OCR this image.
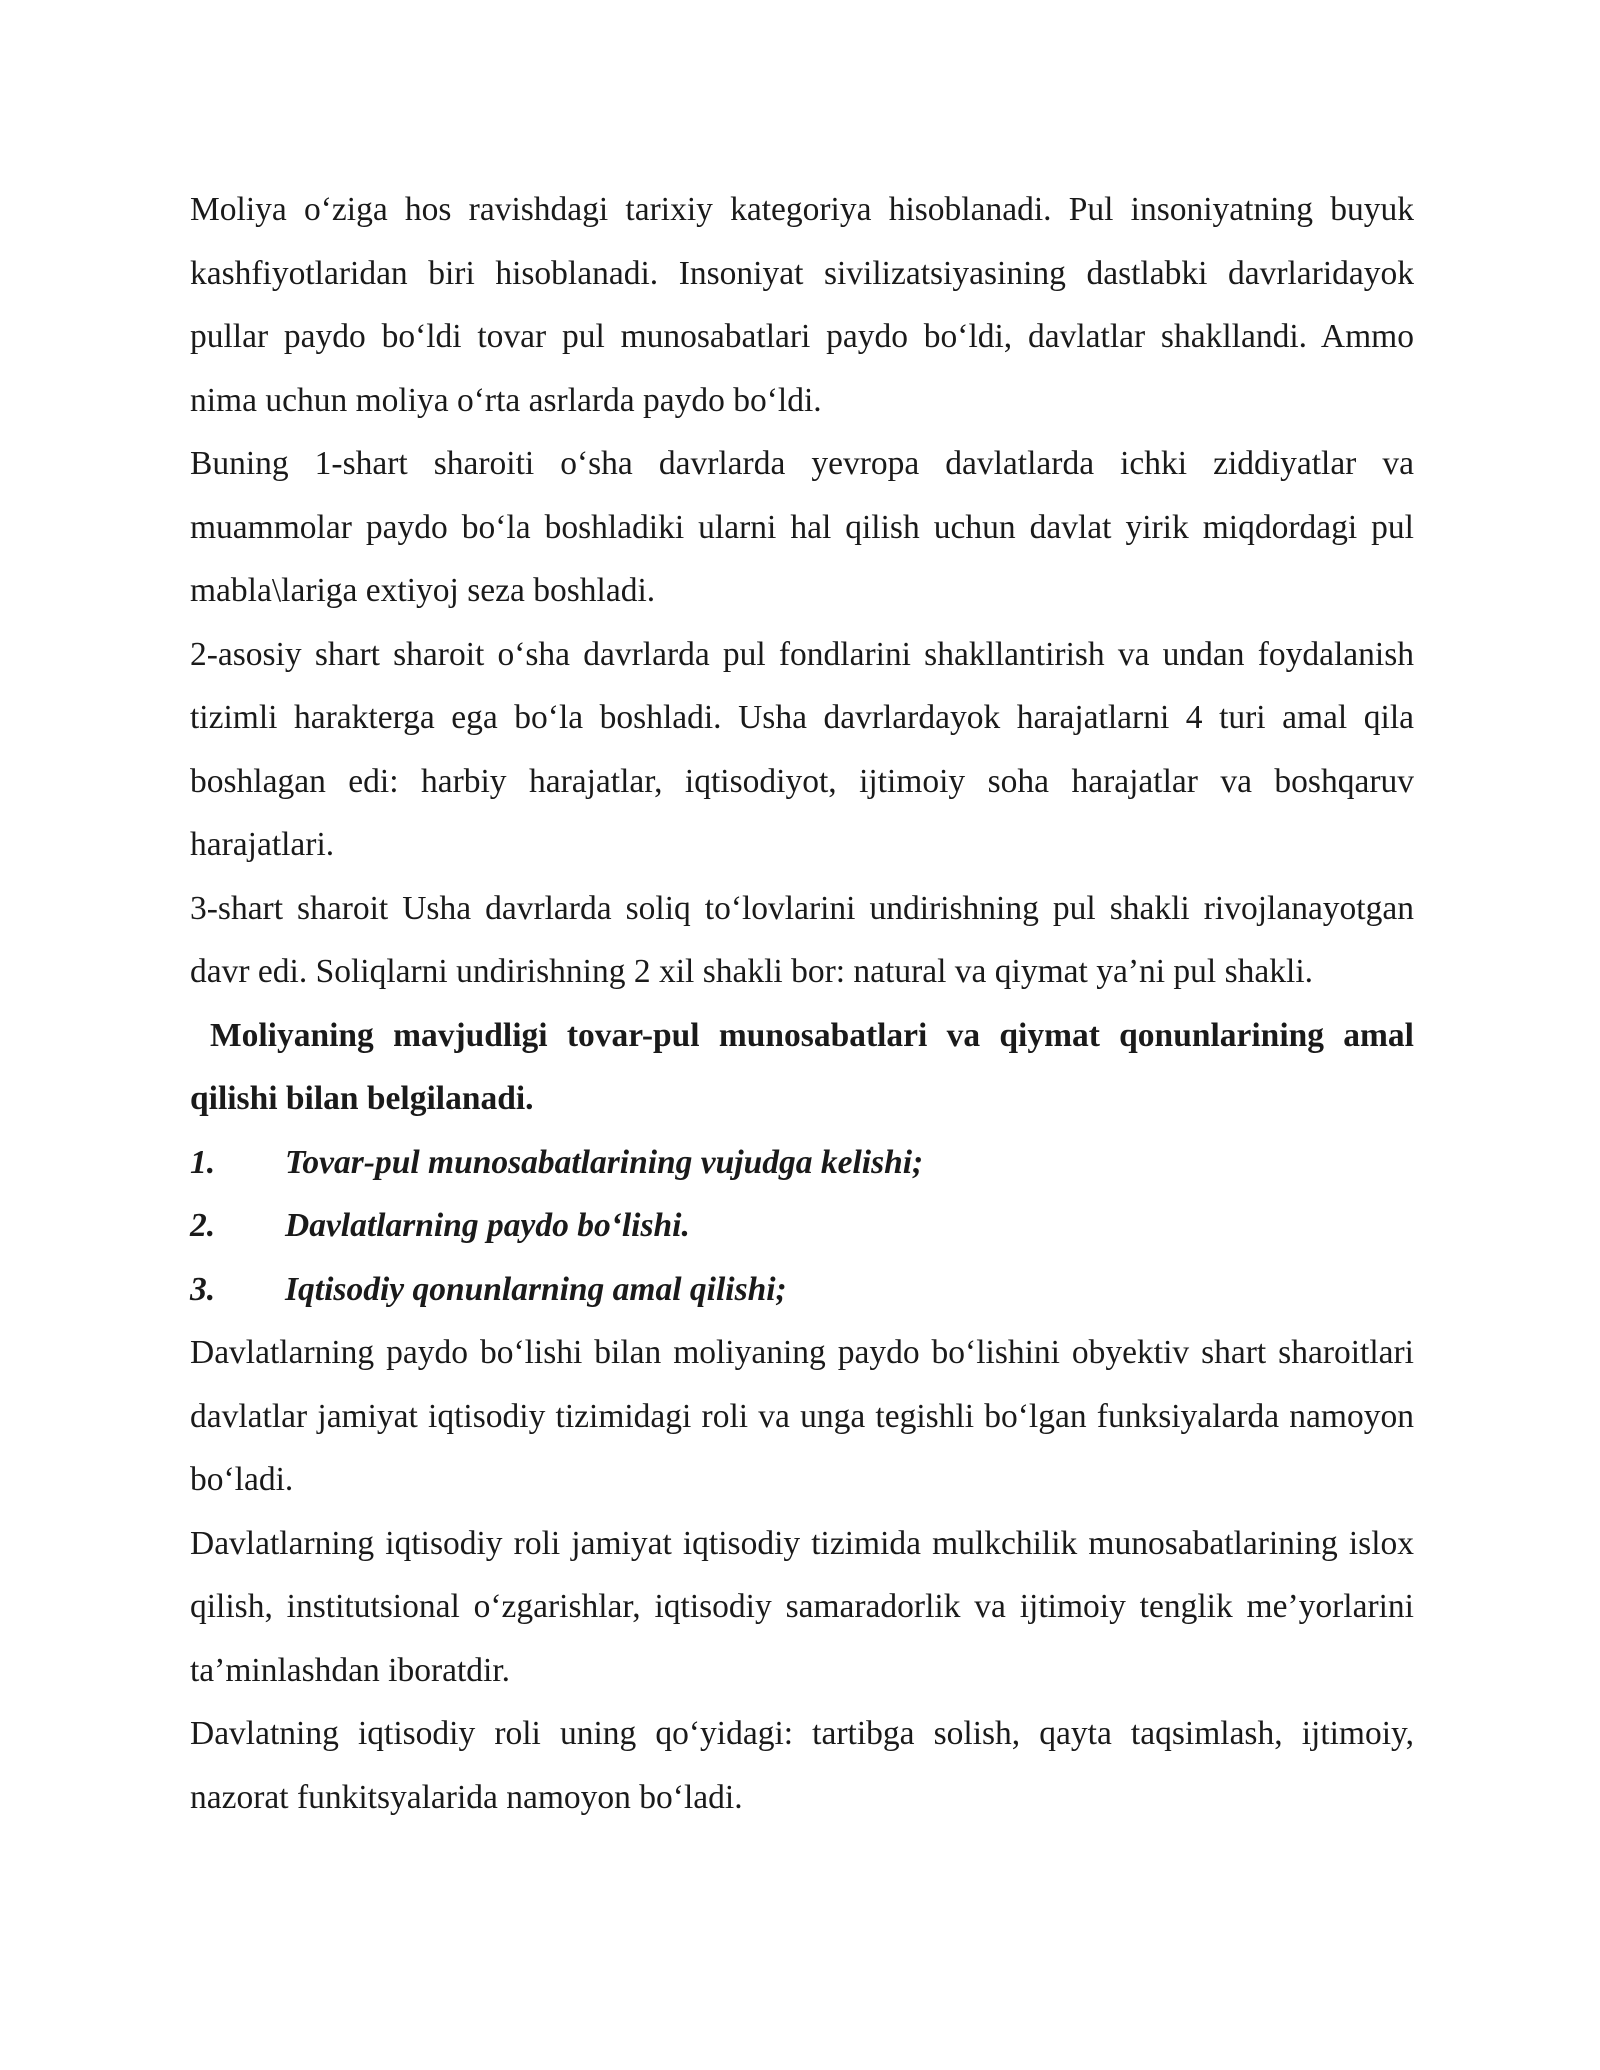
Moliya o‘ziga hos ravishdagi tarixiy kategoriya hisoblanadi. Pul insoniyatning buyuk kashfiyotlaridan biri hisoblanadi. Insoniyat sivilizatsiyasining dastlabki davrlaridayok pullar paydo bo‘ldi tovar pul munosabatlari paydo bo‘ldi, davlatlar shakllandi. Ammo nima uchun moliya o‘rta asrlarda paydo bo‘ldi.

Buning 1-shart sharoiti o‘sha davrlarda yevropa davlatlarda ichki ziddiyatlar va muammolar paydo bo‘la boshladiki ularni hal qilish uchun davlat yirik miqdordagi pul mabla\lariga extiyoj seza boshladi.

2-asosiy shart sharoit o‘sha davrlarda pul fondlarini shakllantirish va undan foydalanish tizimli harakterga ega bo‘la boshladi. Usha davrlardayok harajatlarni 4 turi amal qila boshlagan edi: harbiy harajatlar, iqtisodiyot, ijtimoiy soha harajatlar va boshqaruv harajatlari.

3-shart sharoit Usha davrlarda soliq to‘lovlarini undirishning pul shakli rivojlanayotgan davr edi. Soliqlarni undirishning 2 xil shakli bor: natural va qiymat ya’ni pul shakli.

Moliyaning mavjudligi tovar-pul munosabatlari va qiymat qonunlarining amal qilishi bilan belgilanadi.

1.	Tovar-pul munosabatlarining vujudga kelishi;
2.	Davlatlarning paydo bo‘lishi.
3.	Iqtisodiy qonunlarning amal qilishi;

Davlatlarning paydo bo‘lishi bilan moliyaning paydo bo‘lishini obyektiv shart sharoitlari davlatlar jamiyat iqtisodiy tizimidagi roli va unga tegishli bo‘lgan funksiyalarda namoyon bo‘ladi.

Davlatlarning iqtisodiy roli jamiyat iqtisodiy tizimida mulkchilik munosabatlarining islox qilish, institutsional o‘zgarishlar, iqtisodiy samaradorlik va ijtimoiy tenglik me’yorlarini ta’minlashdan iboratdir.

Davlatning iqtisodiy roli uning qo‘yidagi: tartibga solish, qayta taqsimlash, ijtimoiy, nazorat funkitsyalarida namoyon bo‘ladi.
